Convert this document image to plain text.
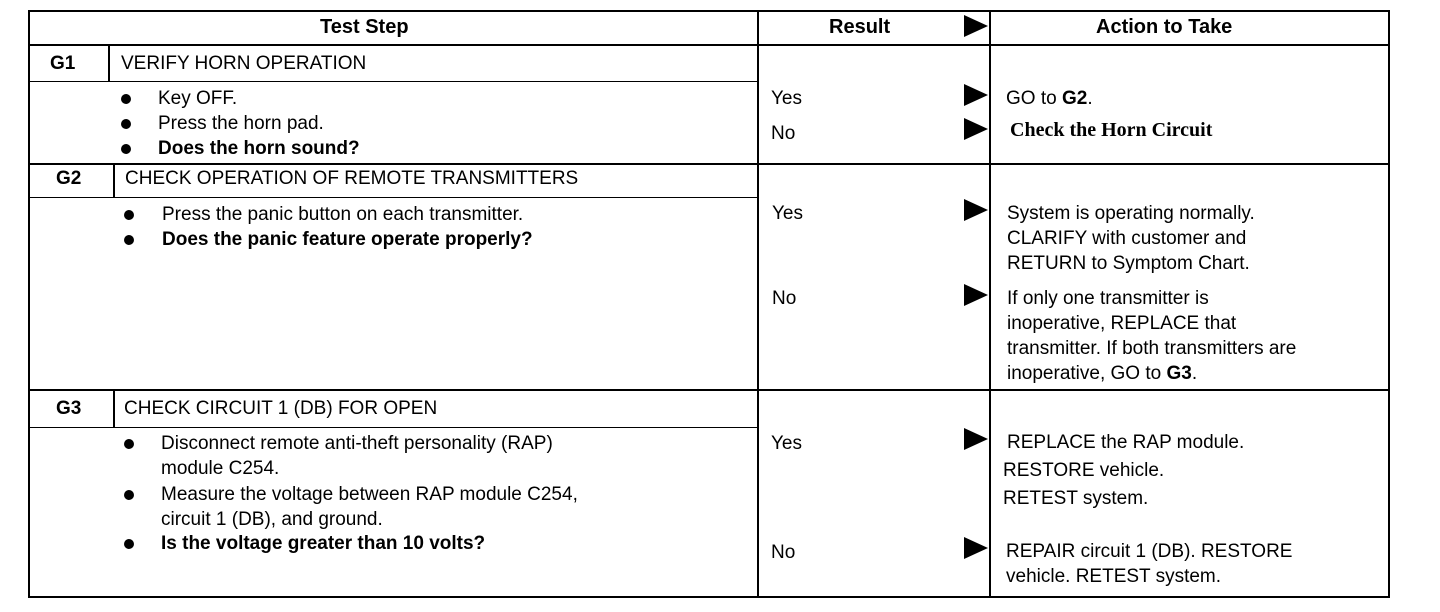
Test Step	Result	Action to Take
G1 VERIFY HORN OPERATION
Key OFF.
Press the horn pad.
Does the horn sound?
Yes	GO to G2.
No	Check the Horn Circuit
G2 CHECK OPERATION OF REMOTE TRANSMITTERS
Press the panic button on each transmitter.
Does the panic feature operate properly?
Yes	System is operating normally.
CLARIFY with customer and
RETURN to Symptom Chart.
No	If only one transmitter is
inoperative, REPLACE that
transmitter. If both transmitters are
inoperative, GO to G3.
G3 CHECK CIRCUIT 1 (DB) FOR OPEN
Disconnect remote anti-theft personality (RAP)
module C254.
Measure the voltage between RAP module C254,
circuit 1 (DB), and ground.
Is the voltage greater than 10 volts?
Yes	REPLACE the RAP module.
RESTORE vehicle.
RETEST system.
No	REPAIR circuit 1 (DB). RESTORE
vehicle. RETEST system.
